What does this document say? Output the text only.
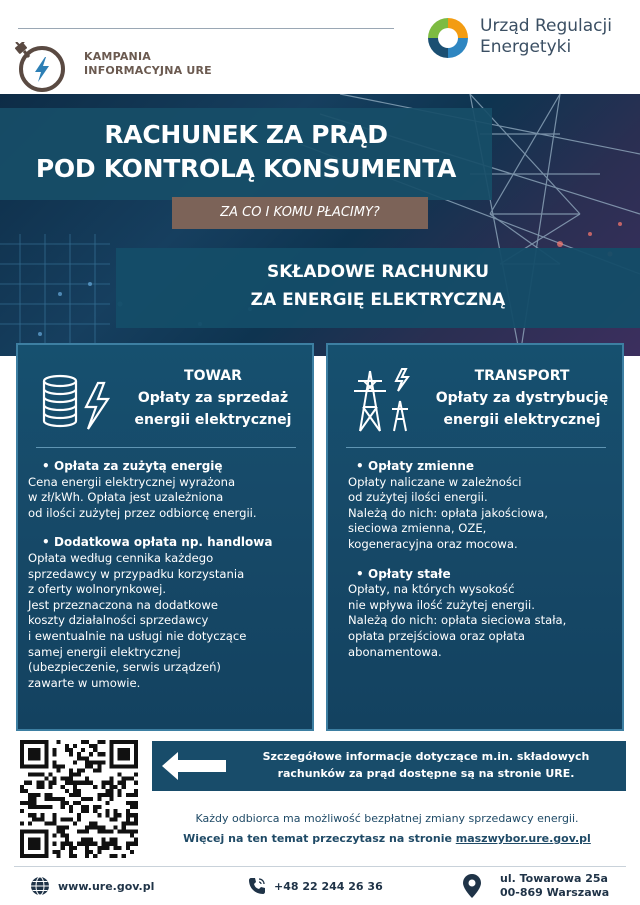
KAMPANIA
INFORMACYJNA URE
Urząd Regulacji
Energetyki
RACHUNEK ZA PRĄD
POD KONTROLĄ KONSUMENTA
ZA CO I KOMU PŁACIMY?
SKŁADOWE RACHUNKU
ZA ENERGIĘ ELEKTRYCZNĄ
TOWAR
Opłaty za sprzedaż
energii elektrycznej
• Opłata za zużytą energię
Cena energii elektrycznej wyrażona
w zł/kWh. Opłata jest uzależniona
od ilości zużytej przez odbiorcę energii.
• Dodatkowa opłata np. handlowa
Opłata według cennika każdego
sprzedawcy w przypadku korzystania
z oferty wolnorynkowej.
Jest przeznaczona na dodatkowe
koszty działalności sprzedawcy
i ewentualnie na usługi nie dotyczące
samej energii elektrycznej
(ubezpieczenie, serwis urządzeń)
zawarte w umowie.
TRANSPORT
Opłaty za dystrybucję
energii elektrycznej
• Opłaty zmienne
Opłaty naliczane w zależności
od zużytej ilości energii.
Należą do nich: opłata jakościowa,
sieciowa zmienna, OZE,
kogeneracyjna oraz mocowa.
• Opłaty stałe
Opłaty, na których wysokość
nie wpływa ilość zużytej energii.
Należą do nich: opłata sieciowa stała,
opłata przejściowa oraz opłata
abonamentowa.
Szczegółowe informacje dotyczące m.in. składowych
rachunków za prąd dostępne są na stronie URE.
Każdy odbiorca ma możliwość bezpłatnej zmiany sprzedawcy energii.
Więcej na ten temat przeczytasz na stronie maszwybor.ure.gov.pl
www.ure.gov.pl	+48 22 244 26 36
ul. Towarowa 25a
00-869 Warszawa
